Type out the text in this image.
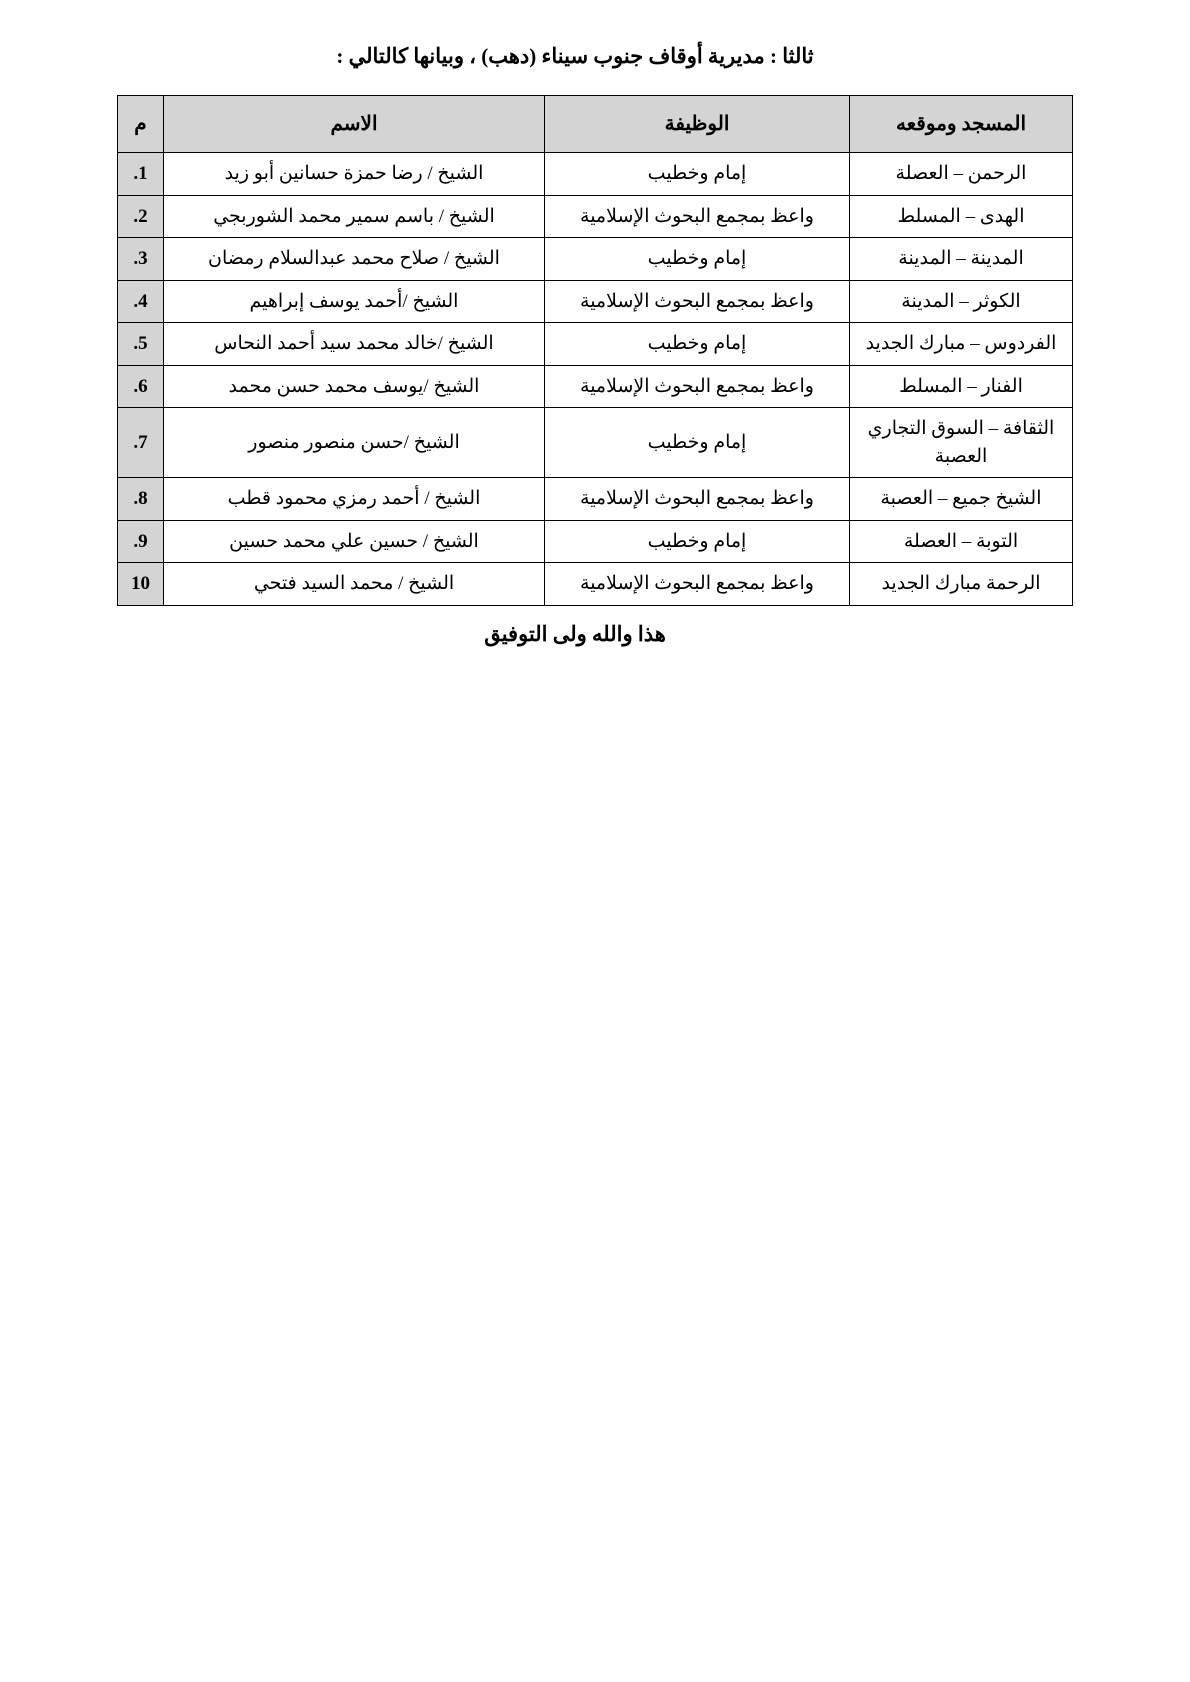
ثالثا : مديرية أوقاف جنوب سيناء (دهب) ، وبيانها كالتالي :
المسجد وموقعه	الوظيفة	الاسم	م
الرحمن – العصلة	إمام وخطيب	الشيخ / رضا حمزة حسانين أبو زيد	1.
الهدى – المسلط	واعظ بمجمع البحوث الإسلامية	الشيخ / باسم سمير محمد الشوربجي	2.
المدينة – المدينة	إمام وخطيب	الشيخ / صلاح محمد عبدالسلام رمضان	3.
الكوثر – المدينة	واعظ بمجمع البحوث الإسلامية	الشيخ /أحمد يوسف إبراهيم	4.
الفردوس – مبارك الجديد	إمام وخطيب	الشيخ /خالد محمد سيد أحمد النحاس	5.
الفنار – المسلط	واعظ بمجمع البحوث الإسلامية	الشيخ /يوسف محمد حسن محمد	6.
الثقافة – السوق التجاري العصبة	إمام وخطيب	الشيخ /حسن منصور منصور	7.
الشيخ جميع – العصبة	واعظ بمجمع البحوث الإسلامية	الشيخ / أحمد رمزي محمود قطب	8.
التوبة – العصلة	إمام وخطيب	الشيخ / حسين علي محمد حسين	9.
الرحمة مبارك الجديد	واعظ بمجمع البحوث الإسلامية	الشيخ / محمد السيد فتحي	10
هذا والله ولى التوفيق
